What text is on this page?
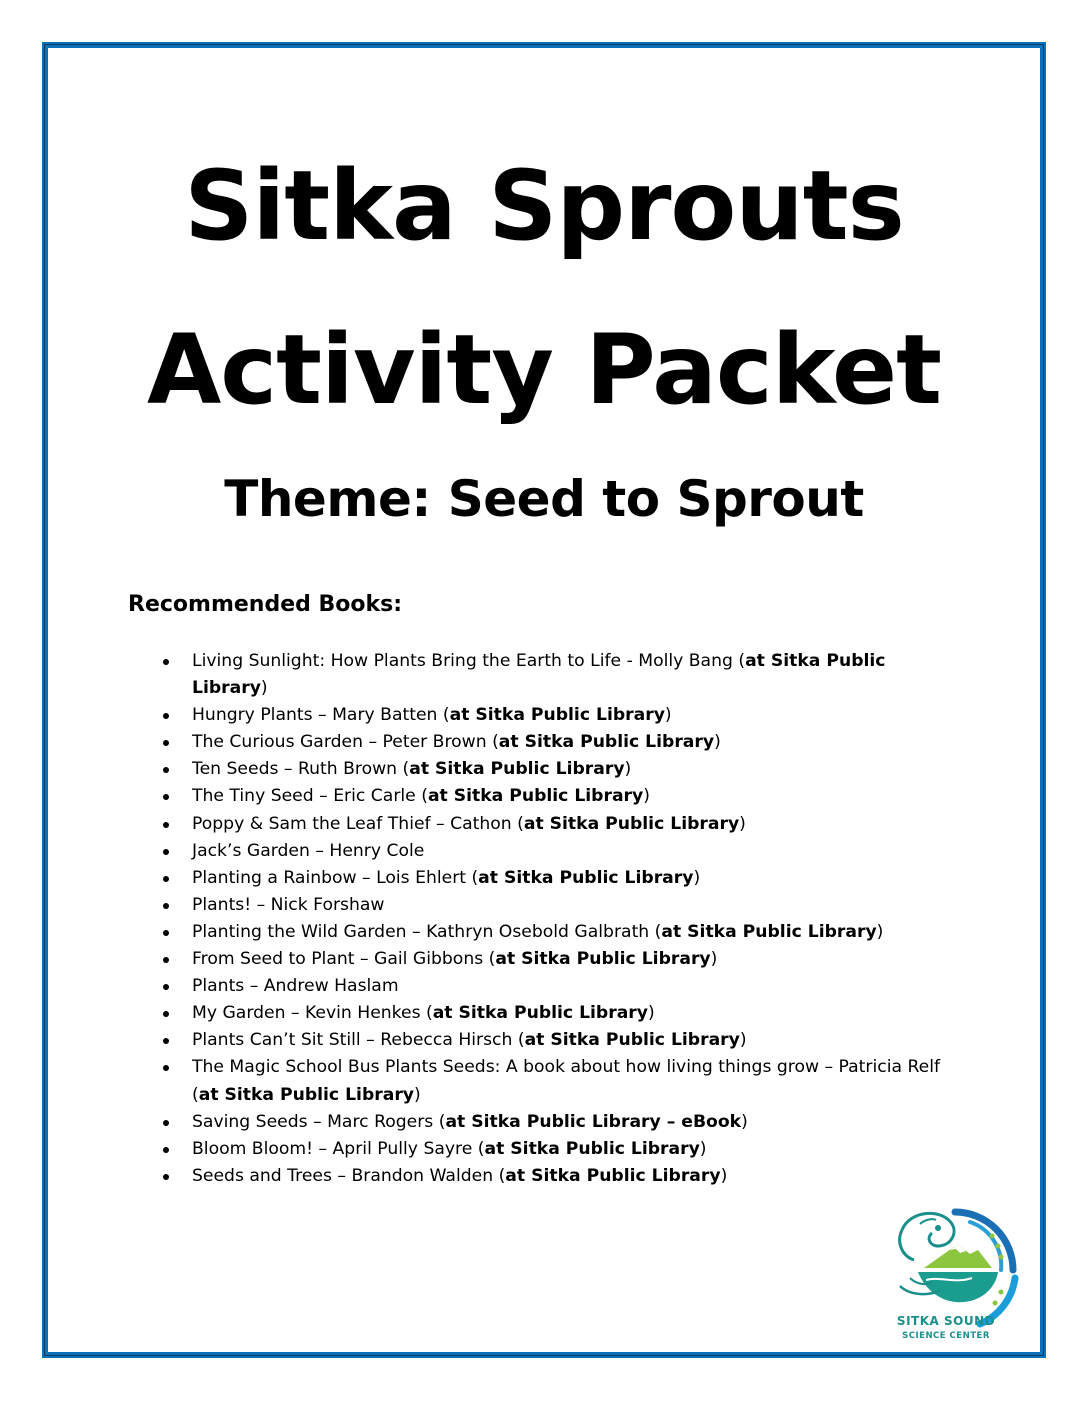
Sitka Sprouts
Activity Packet
Theme: Seed to Sprout
Recommended Books:
Living Sunlight: How Plants Bring the Earth to Life - Molly Bang (at Sitka Public Library)
Hungry Plants – Mary Batten (at Sitka Public Library)
The Curious Garden – Peter Brown (at Sitka Public Library)
Ten Seeds – Ruth Brown (at Sitka Public Library)
The Tiny Seed – Eric Carle (at Sitka Public Library)
Poppy & Sam the Leaf Thief – Cathon (at Sitka Public Library)
Jack’s Garden – Henry Cole
Planting a Rainbow – Lois Ehlert (at Sitka Public Library)
Plants! – Nick Forshaw
Planting the Wild Garden – Kathryn Osebold Galbrath (at Sitka Public Library)
From Seed to Plant – Gail Gibbons (at Sitka Public Library)
Plants – Andrew Haslam
My Garden – Kevin Henkes (at Sitka Public Library)
Plants Can’t Sit Still – Rebecca Hirsch (at Sitka Public Library)
The Magic School Bus Plants Seeds: A book about how living things grow – Patricia Relf (at Sitka Public Library)
Saving Seeds – Marc Rogers (at Sitka Public Library – eBook)
Bloom Bloom! – April Pully Sayre (at Sitka Public Library)
Seeds and Trees – Brandon Walden (at Sitka Public Library)

SITKA SOUND

SCIENCE CENTER
